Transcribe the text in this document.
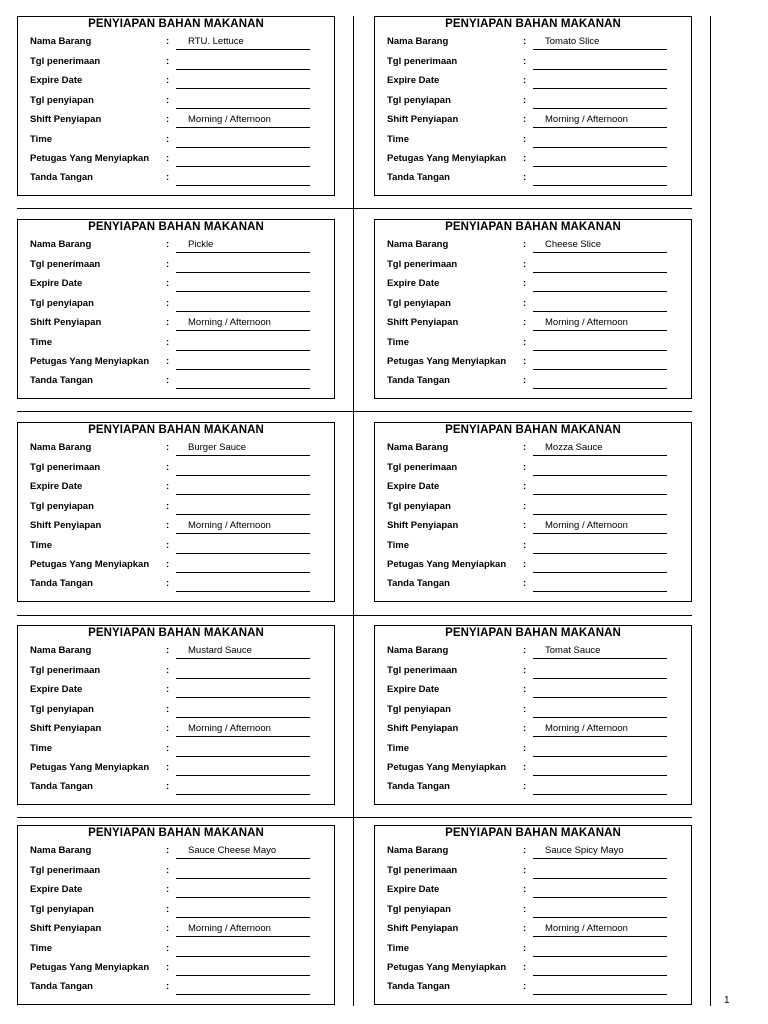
PENYIAPAN BAHAN MAKANAN
Nama Barang	: RTU. Lettuce
Tgl penerimaan	:
Expire Date	:
Tgl penyiapan	:
Shift Penyiapan	: Morning / Afternoon
Time	:
Petugas Yang Menyiapkan :
Tanda Tangan	:
PENYIAPAN BAHAN MAKANAN
Nama Barang	: Tomato Slice
Tgl penerimaan	:
Expire Date	:
Tgl penyiapan	:
Shift Penyiapan	: Morning / Afternoon
Time	:
Petugas Yang Menyiapkan :
Tanda Tangan	:
PENYIAPAN BAHAN MAKANAN
Nama Barang	: Pickle
Tgl penerimaan	:
Expire Date	:
Tgl penyiapan	:
Shift Penyiapan	: Morning / Afternoon
Time	:
Petugas Yang Menyiapkan :
Tanda Tangan	:
PENYIAPAN BAHAN MAKANAN
Nama Barang	: Cheese Slice
Tgl penerimaan	:
Expire Date	:
Tgl penyiapan	:
Shift Penyiapan	: Morning / Afternoon
Time	:
Petugas Yang Menyiapkan :
Tanda Tangan	:
PENYIAPAN BAHAN MAKANAN
Nama Barang	: Burger Sauce
Tgl penerimaan	:
Expire Date	:
Tgl penyiapan	:
Shift Penyiapan	: Morning / Afternoon
Time	:
Petugas Yang Menyiapkan :
Tanda Tangan	:
PENYIAPAN BAHAN MAKANAN
Nama Barang	: Mozza Sauce
Tgl penerimaan	:
Expire Date	:
Tgl penyiapan	:
Shift Penyiapan	: Morning / Afternoon
Time	:
Petugas Yang Menyiapkan :
Tanda Tangan	:
PENYIAPAN BAHAN MAKANAN
Nama Barang	: Mustard Sauce
Tgl penerimaan	:
Expire Date	:
Tgl penyiapan	:
Shift Penyiapan	: Morning / Afternoon
Time	:
Petugas Yang Menyiapkan :
Tanda Tangan	:
PENYIAPAN BAHAN MAKANAN
Nama Barang	: Tomat Sauce
Tgl penerimaan	:
Expire Date	:
Tgl penyiapan	:
Shift Penyiapan	: Morning / Afternoon
Time	:
Petugas Yang Menyiapkan :
Tanda Tangan	:
PENYIAPAN BAHAN MAKANAN
Nama Barang	: Sauce Cheese Mayo
Tgl penerimaan	:
Expire Date	:
Tgl penyiapan	:
Shift Penyiapan	: Morning / Afternoon
Time	:
Petugas Yang Menyiapkan :
Tanda Tangan	:
PENYIAPAN BAHAN MAKANAN
Nama Barang	: Sauce Spicy Mayo
Tgl penerimaan	:
Expire Date	:
Tgl penyiapan	:
Shift Penyiapan	: Morning / Afternoon
Time	:
Petugas Yang Menyiapkan :
Tanda Tangan	:
1
